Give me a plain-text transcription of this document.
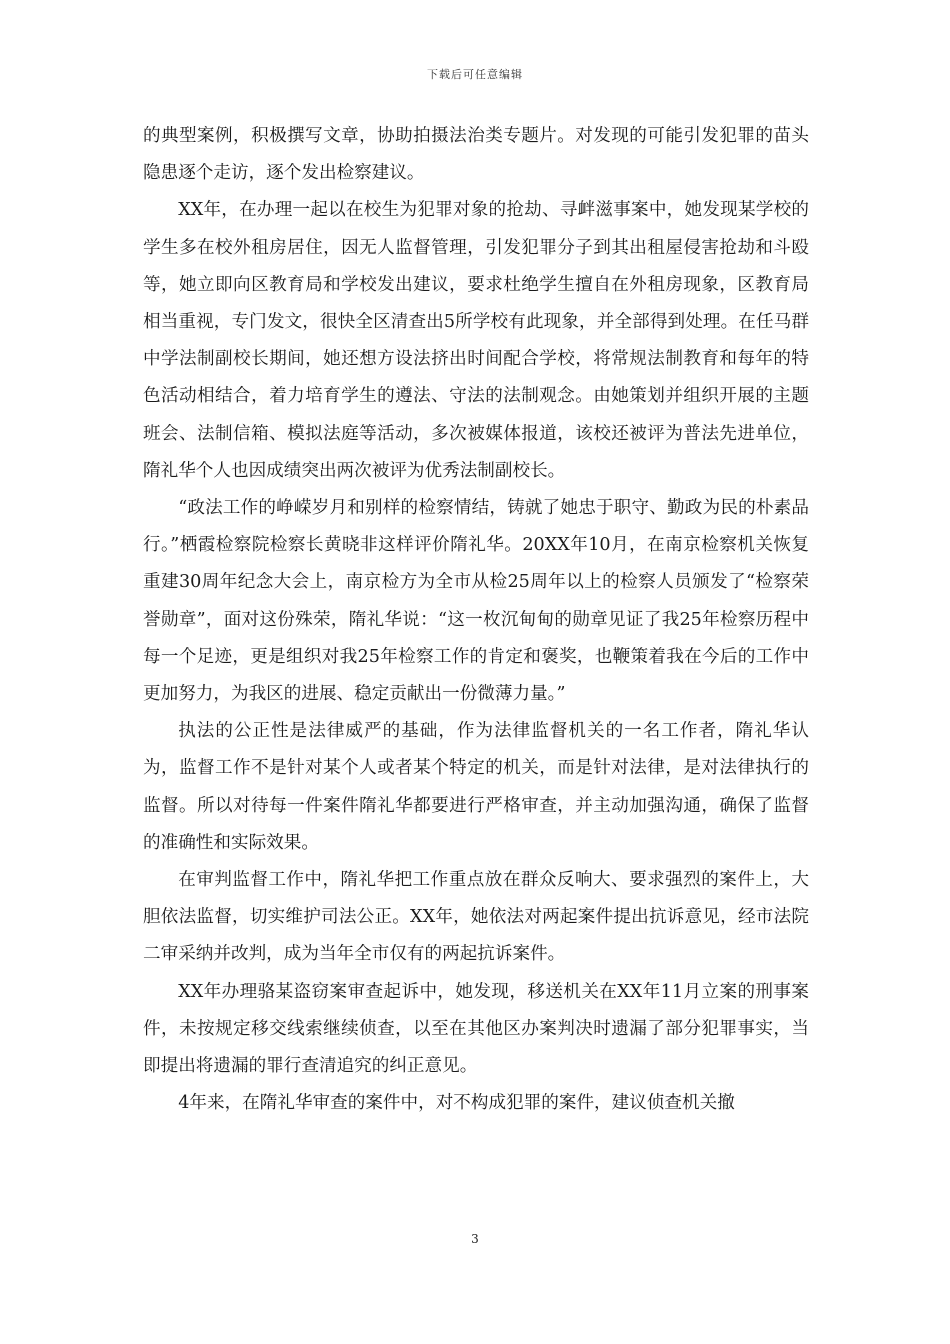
下载后可任意编辑

的典型案例，积极撰写文章，协助拍摄法治类专题片。对发现的可能引发犯罪的苗头隐患逐个走访，逐个发出检察建议。

XX年，在办理一起以在校生为犯罪对象的抢劫、寻衅滋事案中，她发现某学校的学生多在校外租房居住，因无人监督管理，引发犯罪分子到其出租屋侵害抢劫和斗殴等，她立即向区教育局和学校发出建议，要求杜绝学生擅自在外租房现象，区教育局相当重视，专门发文，很快全区清查出5所学校有此现象，并全部得到处理。在任马群中学法制副校长期间，她还想方设法挤出时间配合学校，将常规法制教育和每年的特色活动相结合，着力培育学生的遵法、守法的法制观念。由她策划并组织开展的主题班会、法制信箱、模拟法庭等活动，多次被媒体报道，该校还被评为普法先进单位，隋礼华个人也因成绩突出两次被评为优秀法制副校长。

“政法工作的峥嵘岁月和别样的检察情结，铸就了她忠于职守、勤政为民的朴素品行。”栖霞检察院检察长黄晓非这样评价隋礼华。20XX年10月，在南京检察机关恢复重建30周年纪念大会上，南京检方为全市从检25周年以上的检察人员颁发了“检察荣誉勋章”，面对这份殊荣，隋礼华说：“这一枚沉甸甸的勋章见证了我25年检察历程中每一个足迹，更是组织对我25年检察工作的肯定和褒奖，也鞭策着我在今后的工作中更加努力，为我区的进展、稳定贡献出一份微薄力量。”

执法的公正性是法律威严的基础，作为法律监督机关的一名工作者，隋礼华认为，监督工作不是针对某个人或者某个特定的机关，而是针对法律，是对法律执行的监督。所以对待每一件案件隋礼华都要进行严格审查，并主动加强沟通，确保了监督的准确性和实际效果。

在审判监督工作中，隋礼华把工作重点放在群众反响大、要求强烈的案件上，大胆依法监督，切实维护司法公正。XX年，她依法对两起案件提出抗诉意见，经市法院二审采纳并改判，成为当年全市仅有的两起抗诉案件。

XX年办理骆某盗窃案审查起诉中，她发现，移送机关在XX年11月立案的刑事案件，未按规定移交线索继续侦查，以至在其他区办案判决时遗漏了部分犯罪事实，当即提出将遗漏的罪行查清追究的纠正意见。

4年来，在隋礼华审查的案件中，对不构成犯罪的案件，建议侦查机关撤

3
